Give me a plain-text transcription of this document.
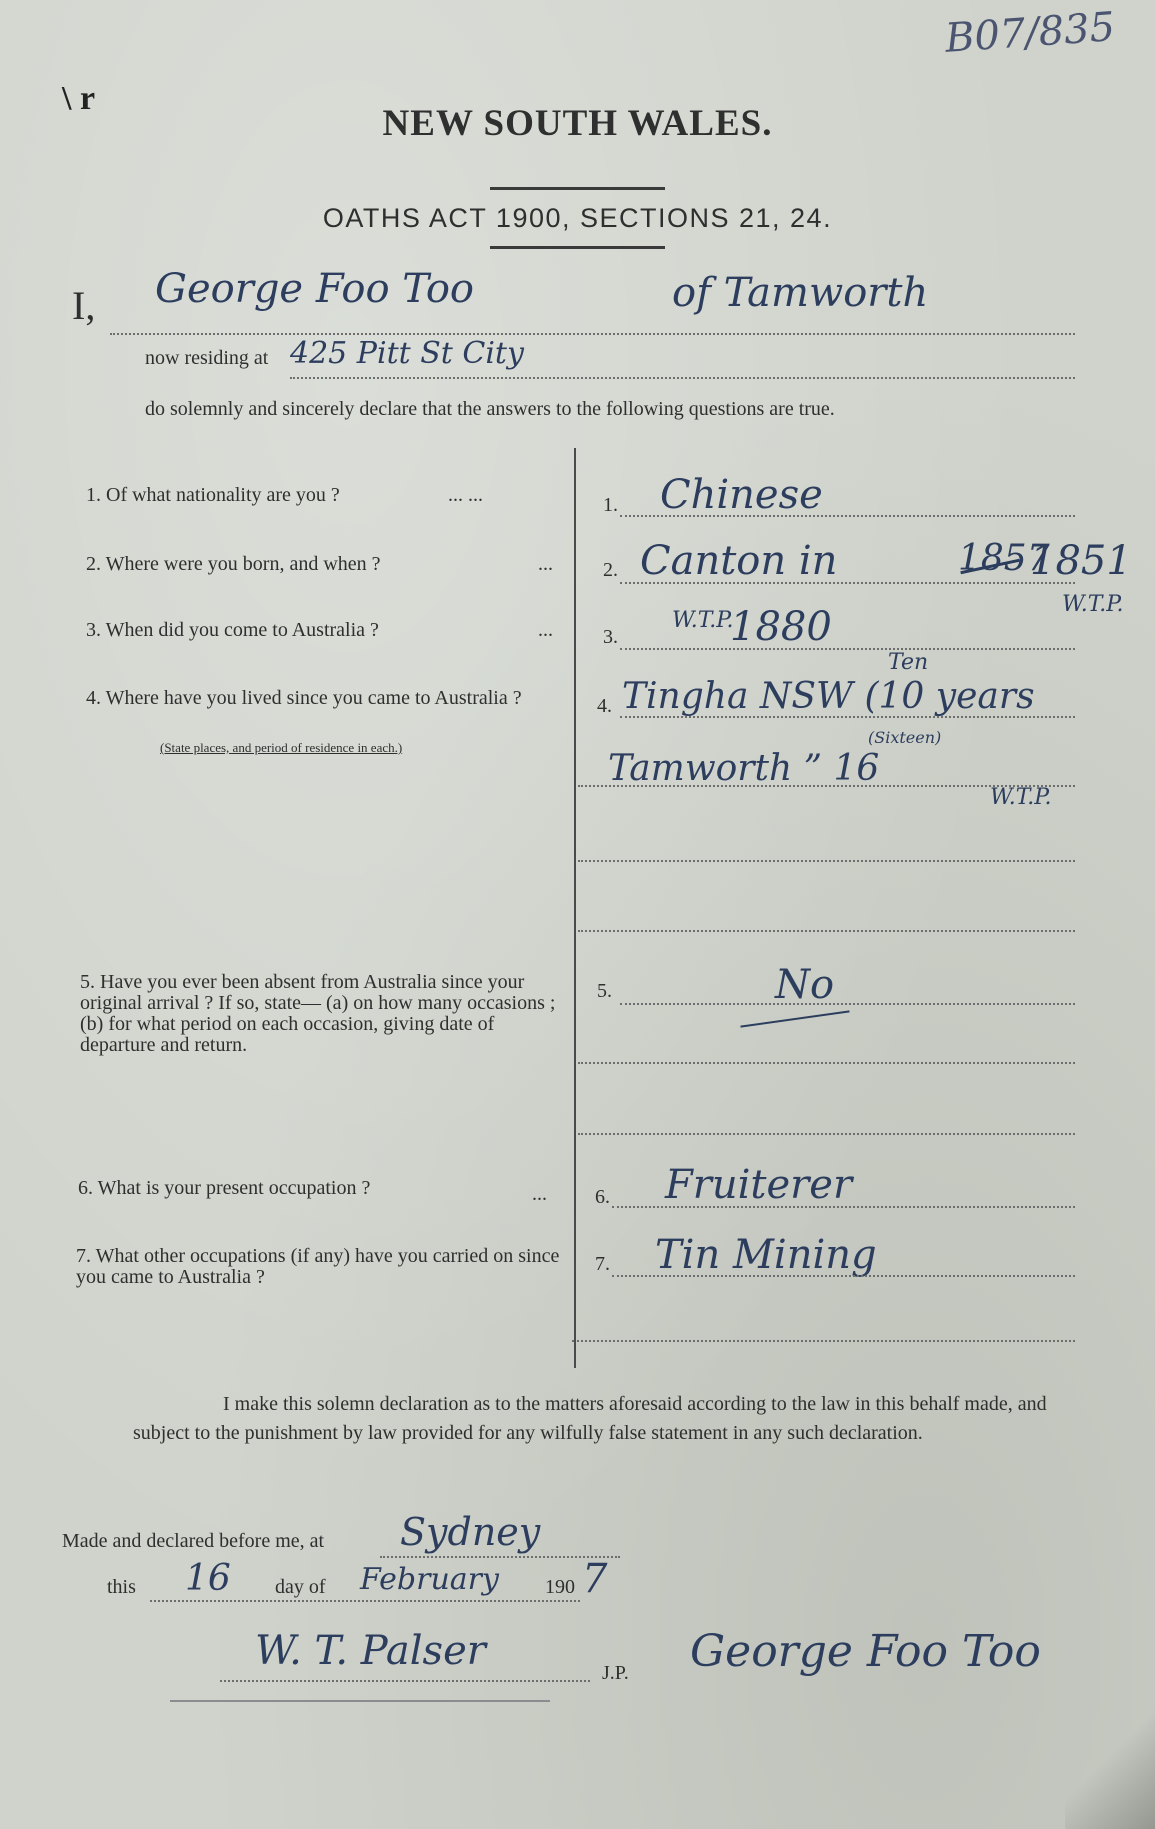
B07/835
\ r
NEW SOUTH WALES.
OATHS ACT 1900, SECTIONS 21, 24.
I, George Foo Too	of Tamworth
now residing at 425 Pitt St City
do solemnly and sincerely declare that the answers to the following questions are true.
1. Of what nationality are you ?	... ...	1. Chinese
2. Where were you born, and when ?	...	2. Canton in	1851
1857
W.T.P.
3. When did you come to Australia ?	...	3.	1880
W.T.P.
4. Where have you lived since you came to Australia ?
(State places, and period of residence in each.)
4. Tingha NSW (10 years
Ten
Tamworth ” 16
(Sixteen)
W.T.P.
5. Have you ever been absent from Australia since your original arrival ? If so, state— (a) on how many occasions ; (b) for what period on each occasion, giving date of departure and return.
5.	No
6. What is your present occupation ?	... 6. Fruiterer
7. What other occupations (if any) have you carried on since you came to Australia ?
7. Tin Mining
I make this solemn declaration as to the matters aforesaid according to the law in this behalf made, and subject to the punishment by law provided for any wilfully false statement in any such declaration.
Made and declared before me, at Sydney
this 16 day of February 190 7
W. T. Palser	J.P. George Foo Too
